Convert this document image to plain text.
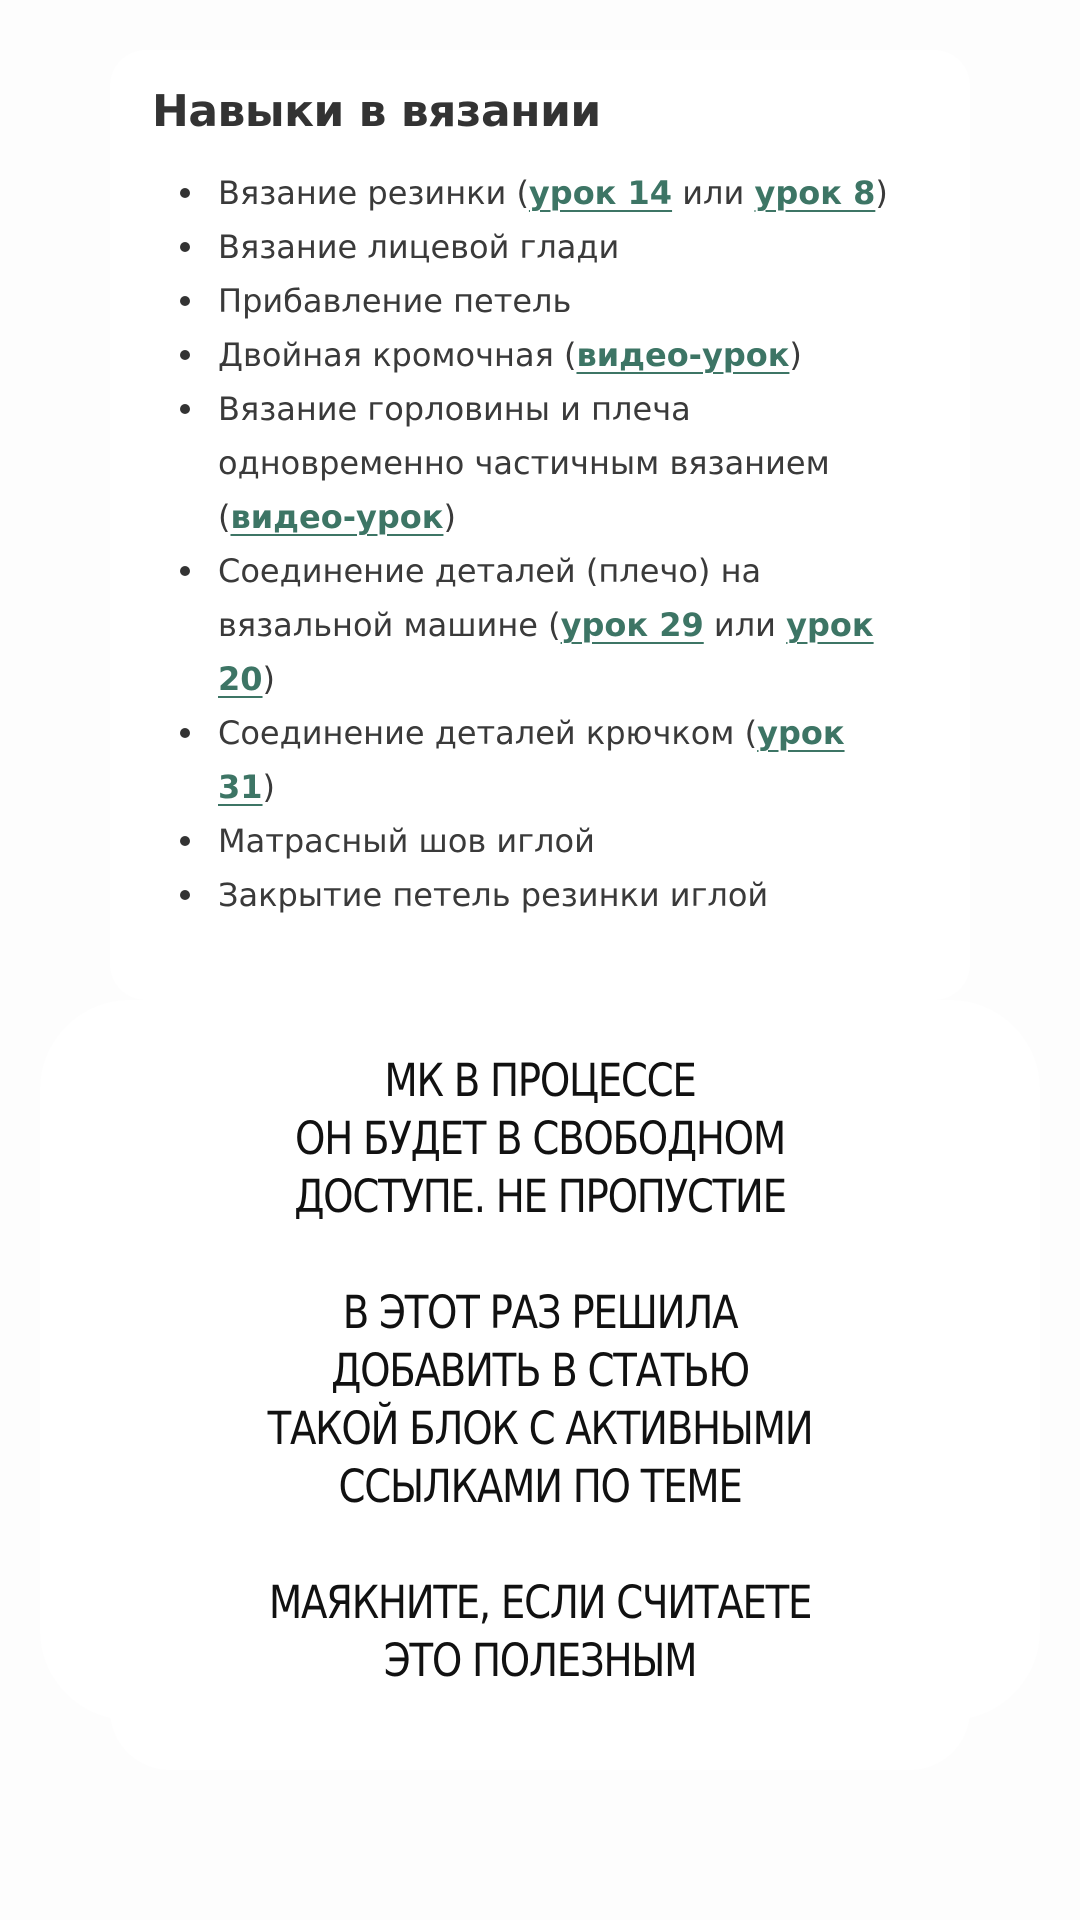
Навыки в вязании
Вязание резинки (урок 14 или урок 8)
Вязание лицевой глади
Прибавление петель
Двойная кромочная (видео-урок)
Вязание горловины и плеча одновременно частичным вязанием (видео-урок)
Соединение деталей (плечо) на вязальной машине (урок 29 или урок 20)
Соединение деталей крючком (урок 31)
Матрасный шов иглой
Закрытие петель резинки иглой

МК В ПРОЦЕССЕ
ОН БУДЕТ В СВОБОДНОМ
ДОСТУПЕ. НЕ ПРОПУСТИЕ

В ЭТОТ РАЗ РЕШИЛА
ДОБАВИТЬ В СТАТЬЮ
ТАКОЙ БЛОК С АКТИВНЫМИ
ССЫЛКАМИ ПО ТЕМЕ

МАЯКНИТЕ, ЕСЛИ СЧИТАЕТЕ
ЭТО ПОЛЕЗНЫМ
